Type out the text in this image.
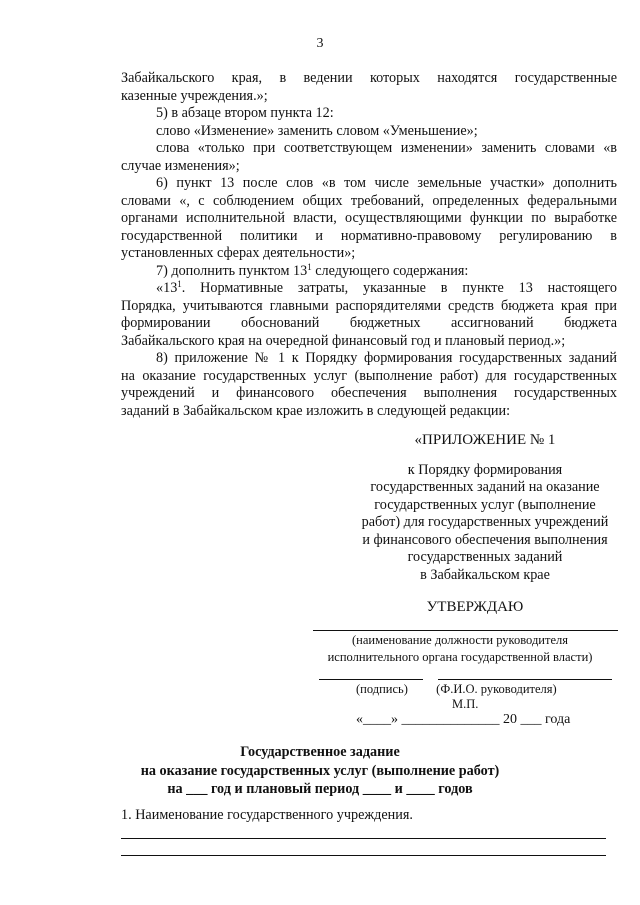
3

Забайкальского края, в ведении которых находятся государственные

казенные учреждения.»;

5) в абзаце втором пункта 12:

слово «Изменение» заменить словом «Уменьшение»;

слова «только при соответствующем изменении» заменить словами «в

случае изменения»;

6) пункт 13 после слов «в том числе земельные участки» дополнить

словами «, с соблюдением общих требований, определенных федеральными

органами исполнительной власти, осуществляющими функции по выработке

государственной политики и нормативно-правовому регулированию в

установленных сферах деятельности»;

7) дополнить пунктом $13^1$ следующего содержания:

«$13^1$. Нормативные затраты, указанные в пункте 13 настоящего

Порядка, учитываются главными распорядителями средств бюджета края при

формировании обоснований бюджетных ассигнований бюджета

Забайкальского края на очередной финансовый год и плановый период.»;

8) приложение № 1 к Порядку формирования государственных заданий

на оказание государственных услуг (выполнение работ) для государственных

учреждений и финансового обеспечения выполнения государственных

заданий в Забайкальском крае изложить в следующей редакции:

«ПРИЛОЖЕНИЕ № 1

к Порядку формирования
государственных заданий на оказание
государственных услуг (выполнение
работ) для государственных учреждений
и финансового обеспечения выполнения
государственных заданий
в Забайкальском крае
УТВЕРЖДАЮ
(наименование должности руководителя
исполнительного органа государственной власти)
(подпись) (Ф.И.О. руководителя)
М.П.
«____» ______________ 20 ___ года
Государственное задание
на оказание государственных услуг (выполнение работ)
на ___ год и плановый период ____ и ____ годов
1. Наименование государственного учреждения.
